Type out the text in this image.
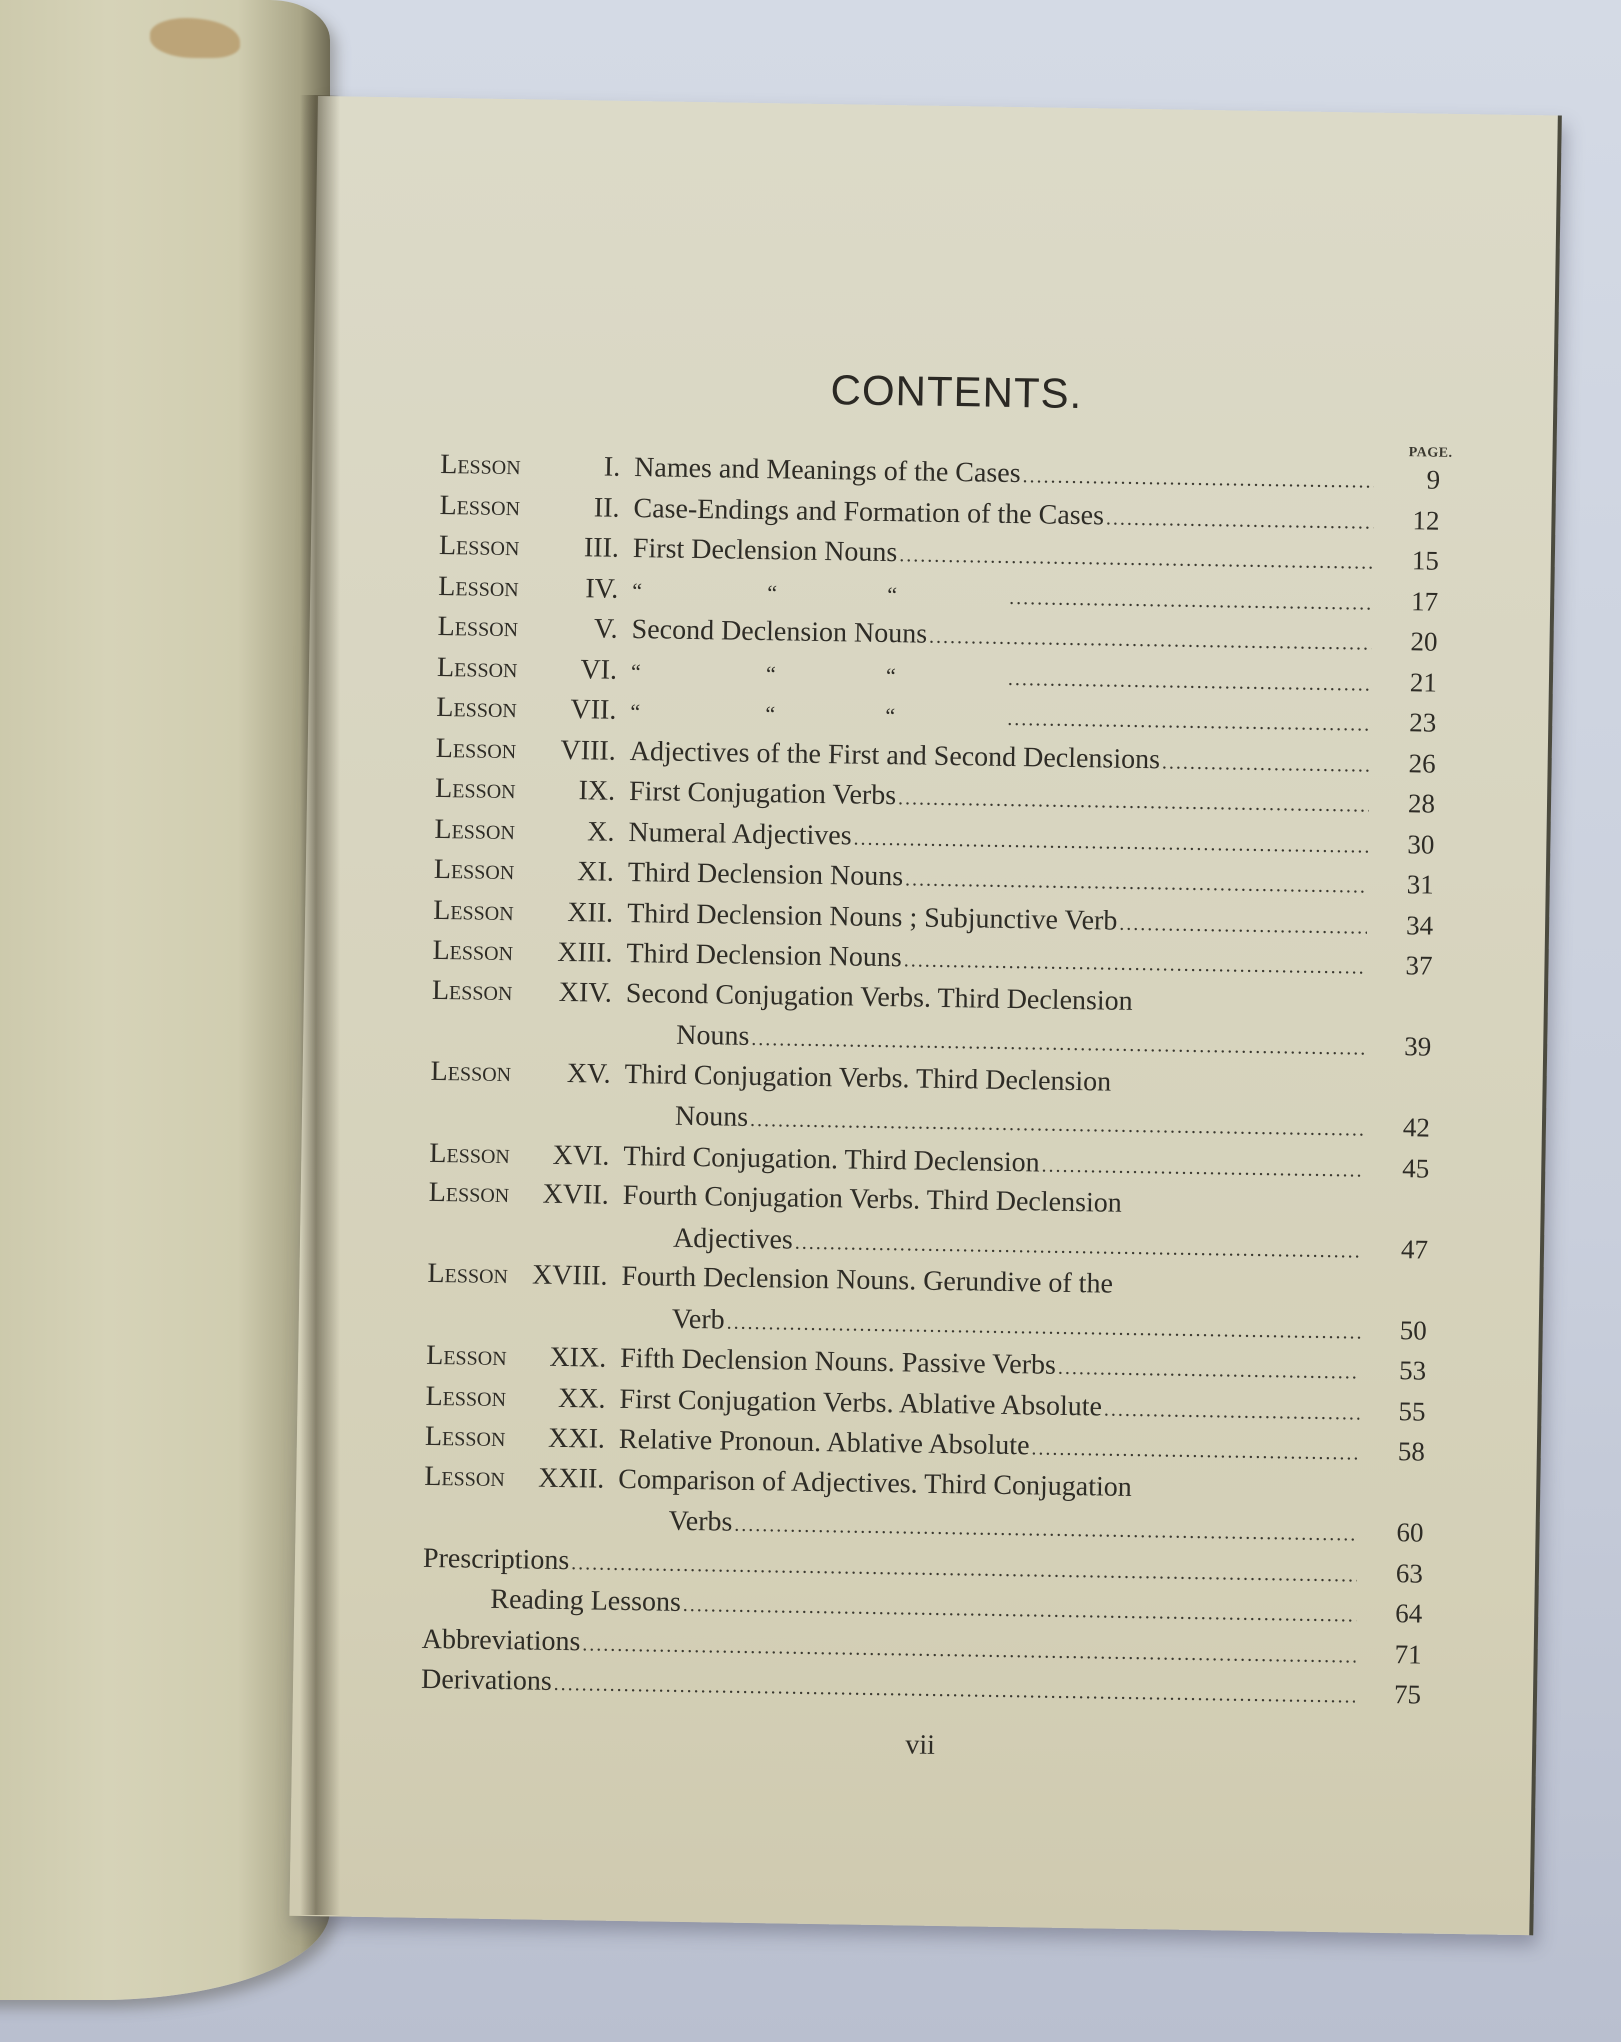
CONTENTS.
PAGE.
Lesson	I. Names and Meanings of the Cases .....	9
Lesson	II. Case-Endings and Formation of the Cases .....	12
Lesson	III. First Declension Nouns .....	15
Lesson	IV. “	“	“ .....	17
Lesson	V. Second Declension Nouns .....	20
Lesson	VI. “	“	“ .....	21
Lesson	VII. “	“	“ .....	23
Lesson	VIII. Adjectives of the First and Second Declensions .....	26
Lesson	IX. First Conjugation Verbs .....	28
Lesson	X. Numeral Adjectives .....	30
Lesson	XI. Third Declension Nouns .....	31
Lesson	XII. Third Declension Nouns ; Subjunctive Verb .....	34
Lesson	XIII. Third Declension Nouns .....	37
Lesson	XIV. Second Conjugation Verbs. Third Declension
Nouns .....	39
Lesson	XV. Third Conjugation Verbs. Third Declension
Nouns .....	42
Lesson	XVI. Third Conjugation. Third Declension .....	45
Lesson	XVII. Fourth Conjugation Verbs. Third Declension
Adjectives .....	47
Lesson XVIII. Fourth Declension Nouns. Gerundive of the
Verb .....	50
Lesson	XIX. Fifth Declension Nouns. Passive Verbs .....	53
Lesson	XX. First Conjugation Verbs. Ablative Absolute .....	55
Lesson	XXI. Relative Pronoun. Ablative Absolute .....	58
Lesson	XXII. Comparison of Adjectives. Third Conjugation
Verbs .....	60
Prescriptions .....	63
Reading Lessons .....	64
Abbreviations .....	71
Derivations .....	75
vii
